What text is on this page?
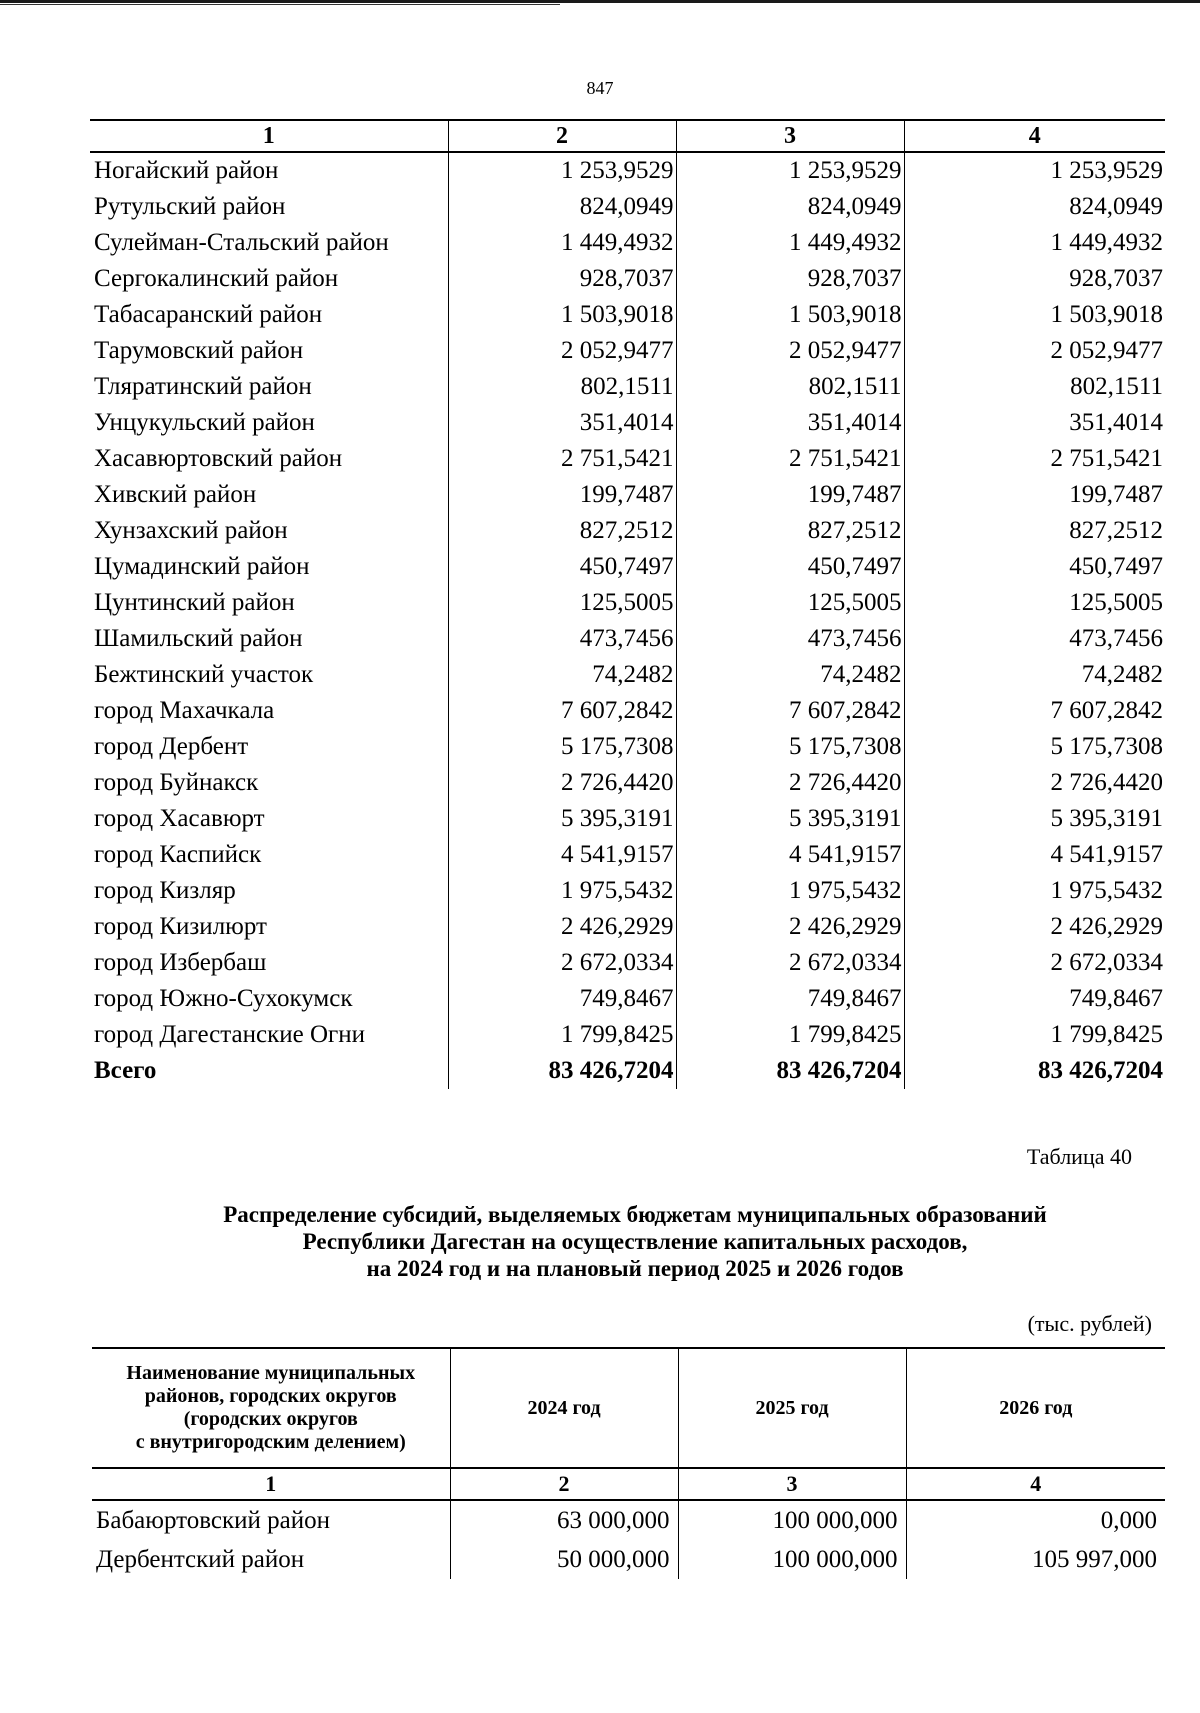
847
1	2	3	4
Ногайский район	1 253,9529	1 253,9529	1 253,9529
Рутульский район	824,0949	824,0949	824,0949
Сулейман-Стальский район	1 449,4932	1 449,4932	1 449,4932
Сергокалинский район	928,7037	928,7037	928,7037
Табасаранский район	1 503,9018	1 503,9018	1 503,9018
Тарумовский район	2 052,9477	2 052,9477	2 052,9477
Тляратинский район	802,1511	802,1511	802,1511
Унцукульский район	351,4014	351,4014	351,4014
Хасавюртовский район	2 751,5421	2 751,5421	2 751,5421
Хивский район	199,7487	199,7487	199,7487
Хунзахский район	827,2512	827,2512	827,2512
Цумадинский район	450,7497	450,7497	450,7497
Цунтинский район	125,5005	125,5005	125,5005
Шамильский район	473,7456	473,7456	473,7456
Бежтинский участок	74,2482	74,2482	74,2482
город Махачкала	7 607,2842	7 607,2842	7 607,2842
город Дербент	5 175,7308	5 175,7308	5 175,7308
город Буйнакск	2 726,4420	2 726,4420	2 726,4420
город Хасавюрт	5 395,3191	5 395,3191	5 395,3191
город Каспийск	4 541,9157	4 541,9157	4 541,9157
город Кизляр	1 975,5432	1 975,5432	1 975,5432
город Кизилюрт	2 426,2929	2 426,2929	2 426,2929
город Избербаш	2 672,0334	2 672,0334	2 672,0334
город Южно-Сухокумск	749,8467	749,8467	749,8467
город Дагестанские Огни	1 799,8425	1 799,8425	1 799,8425
Всего	83 426,7204	83 426,7204	83 426,7204
Таблица 40
Распределение субсидий, выделяемых бюджетам муниципальных образований
Республики Дагестан на осуществление капитальных расходов,
на 2024 год и на плановый период 2025 и 2026 годов
(тыс. рублей)
Наименование муниципальных
районов, городских округов
(городских округов
с внутригородским делением)	2024 год	2025 год	2026 год
1	2	3	4
Бабаюртовский район	63 000,000	100 000,000	0,000
Дербентский район	50 000,000	100 000,000	105 997,000
